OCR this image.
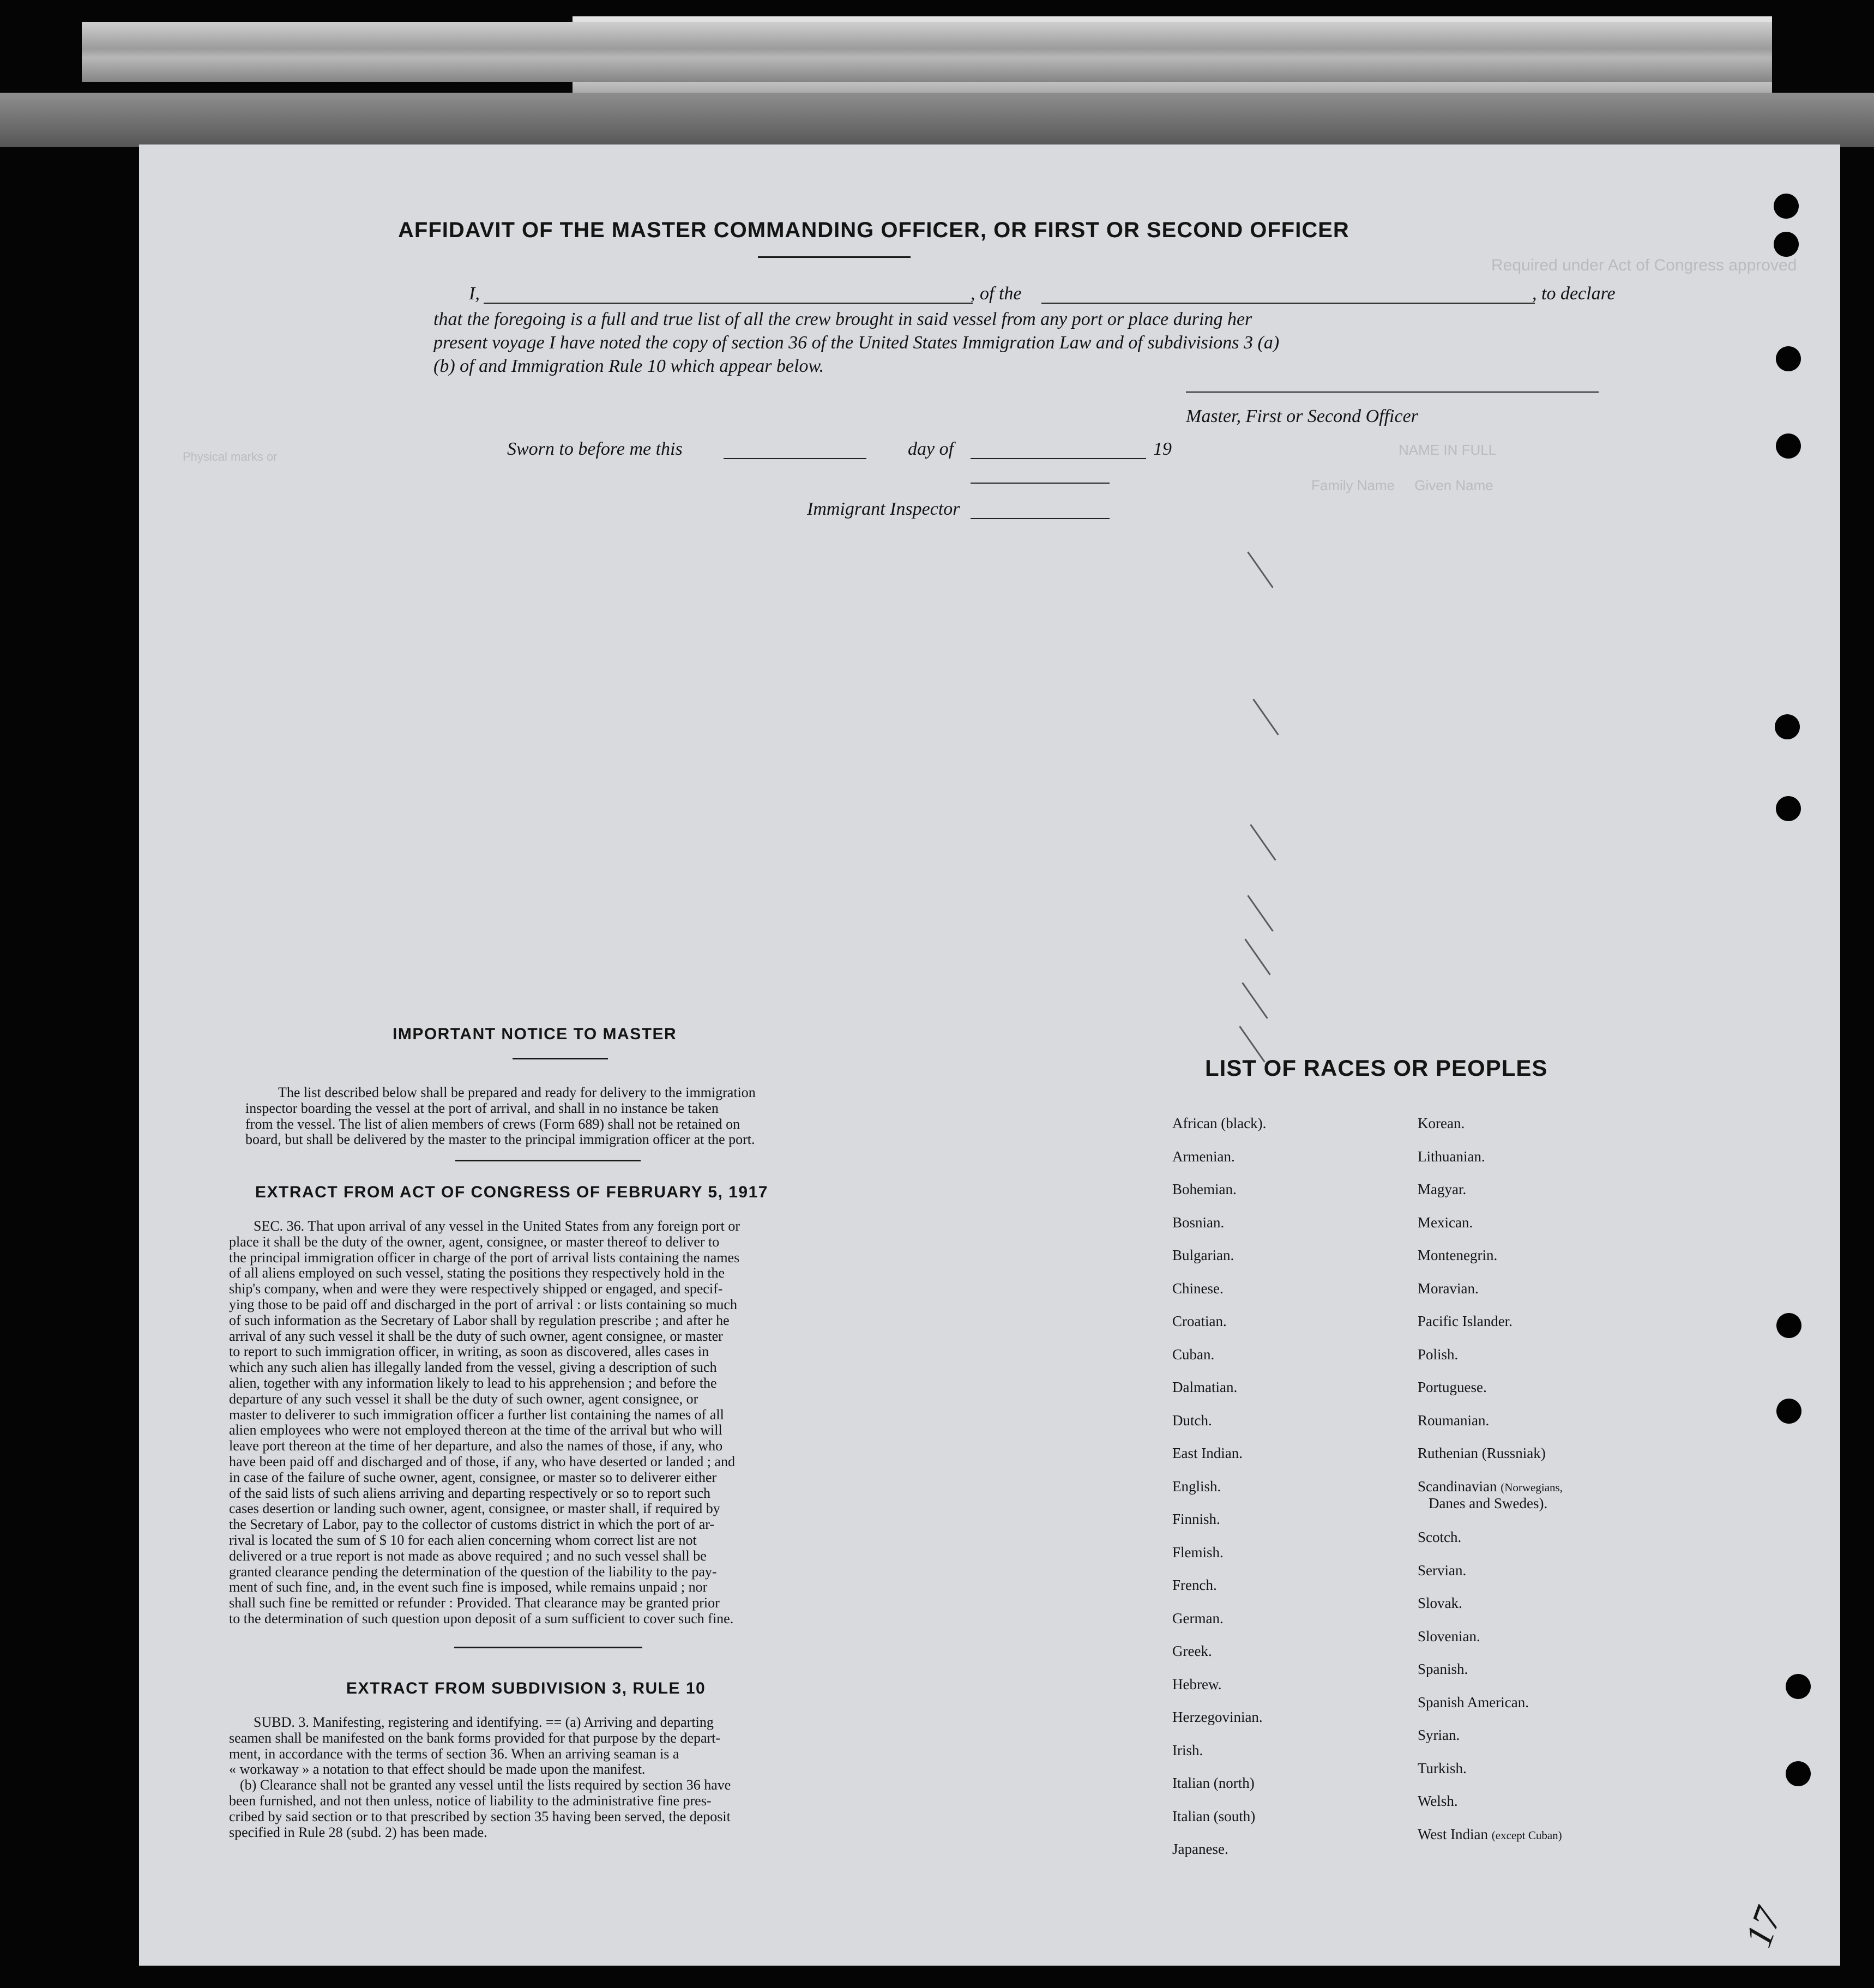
Required under Act of Congress approved
NAME IN FULL
Family Name     Given Name
Physical marks or
AFFIDAVIT OF THE MASTER COMMANDING OFFICER, OR FIRST OR SECOND OFFICER
I,	, of the	, to declare
that the foregoing is a full and true list of all the crew brought in said vessel from any port or place during her
present voyage I have noted the copy of section 36 of the United States Immigration Law and of subdivisions 3 (a)
(b) of and Immigration Rule 10 which appear below.
Master, First or Second Officer
Sworn to before me this	day of	19
Immigrant Inspector
IMPORTANT NOTICE TO MASTER
The list described below shall be prepared and ready for delivery to the immigration
inspector boarding the vessel at the port of arrival, and shall in no instance be taken
from the vessel. The list of alien members of crews (Form 689) shall not be retained on
board, but shall be delivered by the master to the principal immigration officer at the port.
EXTRACT FROM ACT OF CONGRESS OF FEBRUARY 5, 1917
SEC. 36. That upon arrival of any vessel in the United States from any foreign port or
place it shall be the duty of the owner, agent, consignee, or master thereof to deliver to
the principal immigration officer in charge of the port of arrival lists containing the names
of all aliens employed on such vessel, stating the positions they respectively hold in the
ship's company, when and were they were respectively shipped or engaged, and specif-
ying those to be paid off and discharged in the port of arrival : or lists containing so much
of such information as the Secretary of Labor shall by regulation prescribe ; and after he
arrival of any such vessel it shall be the duty of such owner, agent consignee, or master
to report to such immigration officer, in writing, as soon as discovered, alles cases in
which any such alien has illegally landed from the vessel, giving a description of such
alien, together with any information likely to lead to his apprehension ; and before the
departure of any such vessel it shall be the duty of such owner, agent consignee, or
master to deliverer to such immigration officer a further list containing the names of all
alien employees who were not employed thereon at the time of the arrival but who will
leave port thereon at the time of her departure, and also the names of those, if any, who
have been paid off and discharged and of those, if any, who have deserted or landed ; and
in case of the failure of suche owner, agent, consignee, or master so to deliverer either
of the said lists of such aliens arriving and departing respectively or so to report such
cases desertion or landing such owner, agent, consignee, or master shall, if required by
the Secretary of Labor, pay to the collector of customs district in which the port of ar-
rival is located the sum of $ 10 for each alien concerning whom correct list are not
delivered or a true report is not made as above required ; and no such vessel shall be
granted clearance pending the determination of the question of the liability to the pay-
ment of such fine, and, in the event such fine is imposed, while remains unpaid ; nor
shall such fine be remitted or refunder : Provided. That clearance may be granted prior
to the determination of such question upon deposit of a sum sufficient to cover such fine.
EXTRACT FROM SUBDIVISION 3, RULE 10
SUBD. 3. Manifesting, registering and identifying. == (a) Arriving and departing
seamen shall be manifested on the bank forms provided for that purpose by the depart-
ment, in accordance with the terms of section 36. When an arriving seaman is a
« workaway » a notation to that effect should be made upon the manifest.
(b) Clearance shall not be granted any vessel until the lists required by section 36 have
been furnished, and not then unless, notice of liability to the administrative fine pres-
cribed by said section or to that prescribed by section 35 having been served, the deposit
specified in Rule 28 (subd. 2) has been made.
LIST OF RACES OR PEOPLES
17
African (black).
Armenian.
Bohemian.
Bosnian.
Bulgarian.
Chinese.
Croatian.
Cuban.
Dalmatian.
Dutch.
East Indian.
English.
Finnish.
Flemish.
French.
German.
Greek.
Hebrew.
Herzegovinian.
Irish.
Italian (north)
Italian (south)
Japanese.
Korean.
Lithuanian.
Magyar.
Mexican.
Montenegrin.
Moravian.
Pacific Islander.
Polish.
Portuguese.
Roumanian.
Ruthenian (Russniak)
Scandinavian (Norwegians,
Danes and Swedes).
Scotch.
Servian.
Slovak.
Slovenian.
Spanish.
Spanish American.
Syrian.
Turkish.
Welsh.
West Indian (except Cuban)
